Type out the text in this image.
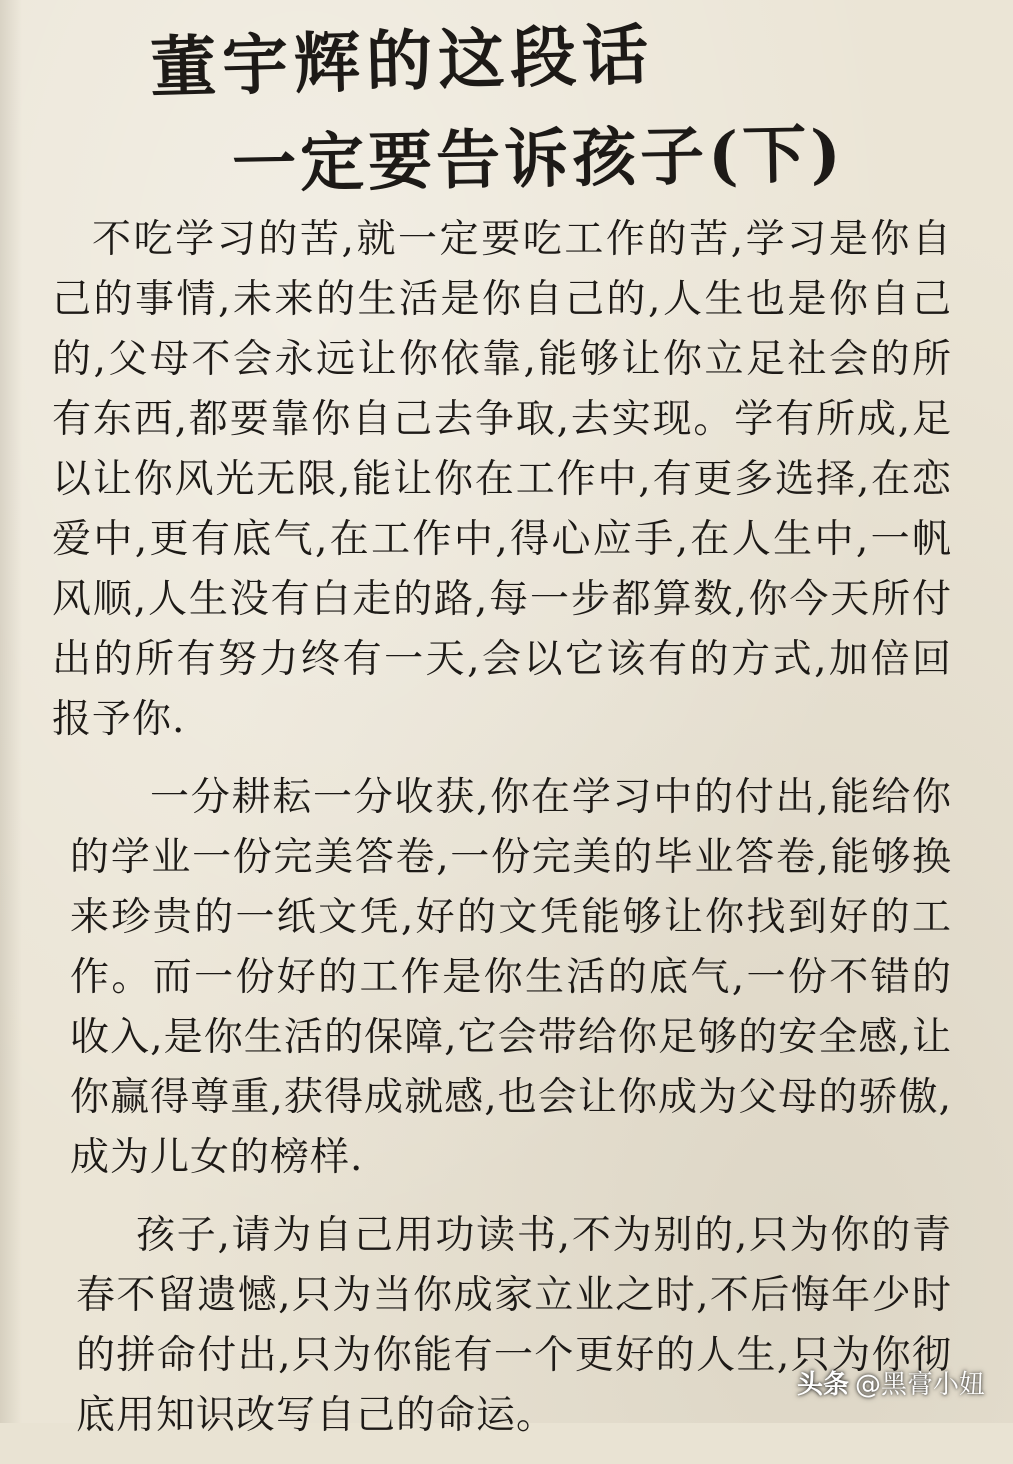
董宇辉的这段话
一定要告诉孩子(下)

不吃学习的苦,就一定要吃工作的苦,学习是你自己的事情,未来的生活是你自己的,人生也是你自己的,父母不会永远让你依靠,能够让你立足社会的所有东西,都要靠你自己去争取,去实现。学有所成,足以让你风光无限,能让你在工作中,有更多选择,在恋爱中,更有底气,在工作中,得心应手,在人生中,一帆风顺,人生没有白走的路,每一步都算数,你今天所付出的所有努力终有一天,会以它该有的方式,加倍回报予你.

一分耕耘一分收获,你在学习中的付出,能给你的学业一份完美答卷,一份完美的毕业答卷,能够换来珍贵的一纸文凭,好的文凭能够让你找到好的工作。而一份好的工作是你生活的底气,一份不错的收入,是你生活的保障,它会带给你足够的安全感,让你赢得尊重,获得成就感,也会让你成为父母的骄傲,成为儿女的榜样.

孩子,请为自己用功读书,不为别的,只为你的青春不留遗憾,只为当你成家立业之时,不后悔年少时的拼命付出,只为你能有一个更好的人生,只为你彻底用知识改写自己的命运。

头条 @黑膏小妞
